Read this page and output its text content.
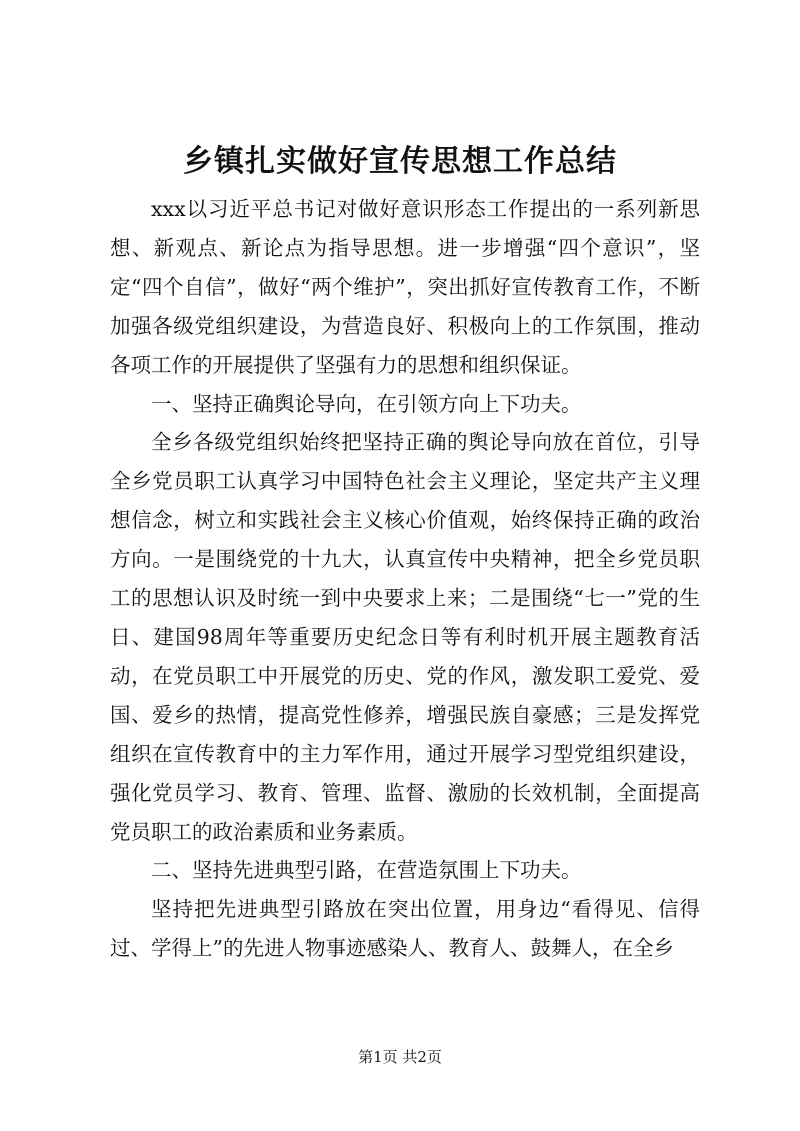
乡镇扎实做好宣传思想工作总结

xxx以习近平总书记对做好意识形态工作提出的一系列新思想、新观点、新论点为指导思想。进一步增强“四个意识”，坚定“四个自信”，做好“两个维护”，突出抓好宣传教育工作，不断加强各级党组织建设，为营造良好、积极向上的工作氛围，推动各项工作的开展提供了坚强有力的思想和组织保证。

一、坚持正确舆论导向，在引领方向上下功夫。

全乡各级党组织始终把坚持正确的舆论导向放在首位，引导全乡党员职工认真学习中国特色社会主义理论，坚定共产主义理想信念，树立和实践社会主义核心价值观，始终保持正确的政治方向。一是围绕党的十九大，认真宣传中央精神，把全乡党员职工的思想认识及时统一到中央要求上来；二是围绕“七一”党的生日、建国98周年等重要历史纪念日等有利时机开展主题教育活动，在党员职工中开展党的历史、党的作风，激发职工爱党、爱国、爱乡的热情，提高党性修养，增强民族自豪感；三是发挥党组织在宣传教育中的主力军作用，通过开展学习型党组织建设，强化党员学习、教育、管理、监督、激励的长效机制，全面提高党员职工的政治素质和业务素质。

二、坚持先进典型引路，在营造氛围上下功夫。

坚持把先进典型引路放在突出位置，用身边“看得见、信得过、学得上”的先进人物事迹感染人、教育人、鼓舞人，在全乡

第1页 共2页
